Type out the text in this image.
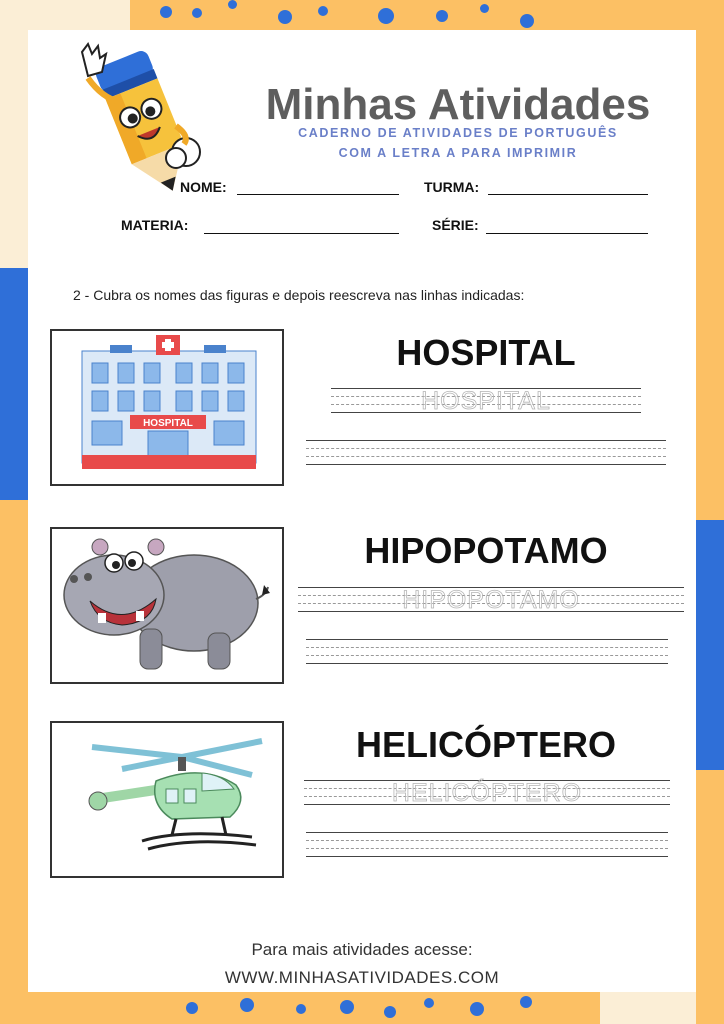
Minhas Atividades
CADERNO DE ATIVIDADES DE PORTUGUÊS
COM A LETRA A PARA IMPRIMIR
NOME:	TURMA:
MATERIA:	SÉRIE:
2 - Cubra os nomes das figuras e depois reescreva nas linhas indicadas:
HOSPITAL
HOSPITAL
HOSPITAL
HIPOPOTAMO
HIPOPOTAMO
HELICÓPTERO
HELICÓPTERO
Para mais atividades acesse:
WWW.MINHASATIVIDADES.COM
